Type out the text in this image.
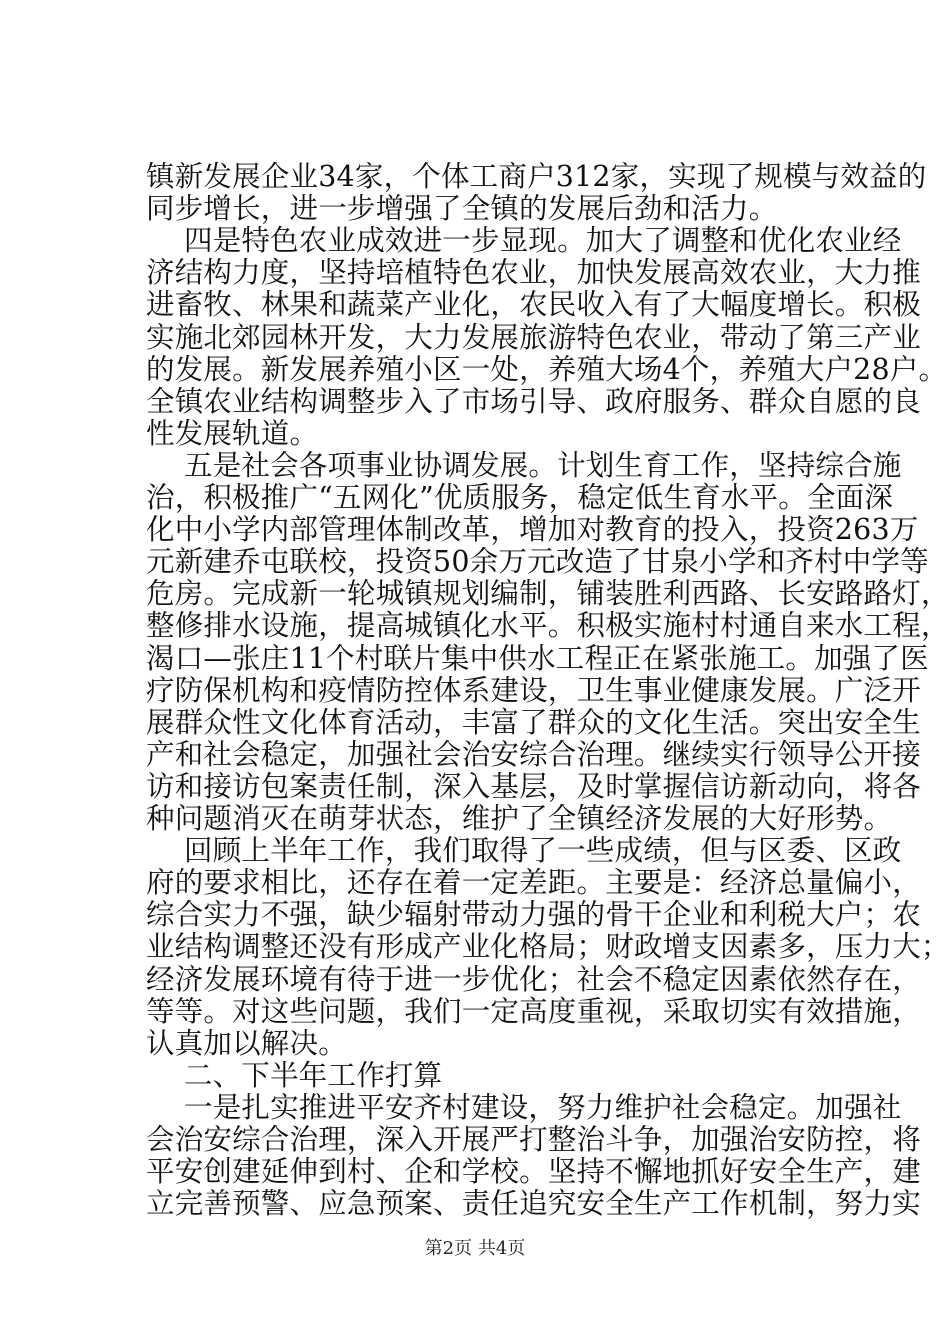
镇新发展企业34家，个体工商户312家，实现了规模与效益的
同步增长，进一步增强了全镇的发展后劲和活力。
四是特色农业成效进一步显现。加大了调整和优化农业经
济结构力度，坚持培植特色农业，加快发展高效农业，大力推
进畜牧、林果和蔬菜产业化，农民收入有了大幅度增长。积极
实施北郊园林开发，大力发展旅游特色农业，带动了第三产业
的发展。新发展养殖小区一处，养殖大场4个，养殖大户28户。
全镇农业结构调整步入了市场引导、政府服务、群众自愿的良
性发展轨道。
五是社会各项事业协调发展。计划生育工作，坚持综合施
治，积极推广“五网化”优质服务，稳定低生育水平。全面深
化中小学内部管理体制改革，增加对教育的投入，投资263万
元新建乔屯联校，投资50余万元改造了甘泉小学和齐村中学等
危房。完成新一轮城镇规划编制，铺装胜利西路、长安路路灯，
整修排水设施，提高城镇化水平。积极实施村村通自来水工程，
渴口—张庄11个村联片集中供水工程正在紧张施工。加强了医
疗防保机构和疫情防控体系建设，卫生事业健康发展。广泛开
展群众性文化体育活动，丰富了群众的文化生活。突出安全生
产和社会稳定，加强社会治安综合治理。继续实行领导公开接
访和接访包案责任制，深入基层，及时掌握信访新动向，将各
种问题消灭在萌芽状态，维护了全镇经济发展的大好形势。
回顾上半年工作，我们取得了一些成绩，但与区委、区政
府的要求相比，还存在着一定差距。主要是：经济总量偏小，
综合实力不强，缺少辐射带动力强的骨干企业和利税大户；农
业结构调整还没有形成产业化格局；财政增支因素多，压力大；
经济发展环境有待于进一步优化；社会不稳定因素依然存在，
等等。对这些问题，我们一定高度重视，采取切实有效措施，
认真加以解决。
二、下半年工作打算
一是扎实推进平安齐村建设，努力维护社会稳定。加强社
会治安综合治理，深入开展严打整治斗争，加强治安防控，将
平安创建延伸到村、企和学校。坚持不懈地抓好安全生产，建
立完善预警、应急预案、责任追究安全生产工作机制，努力实
第2页 共4页
